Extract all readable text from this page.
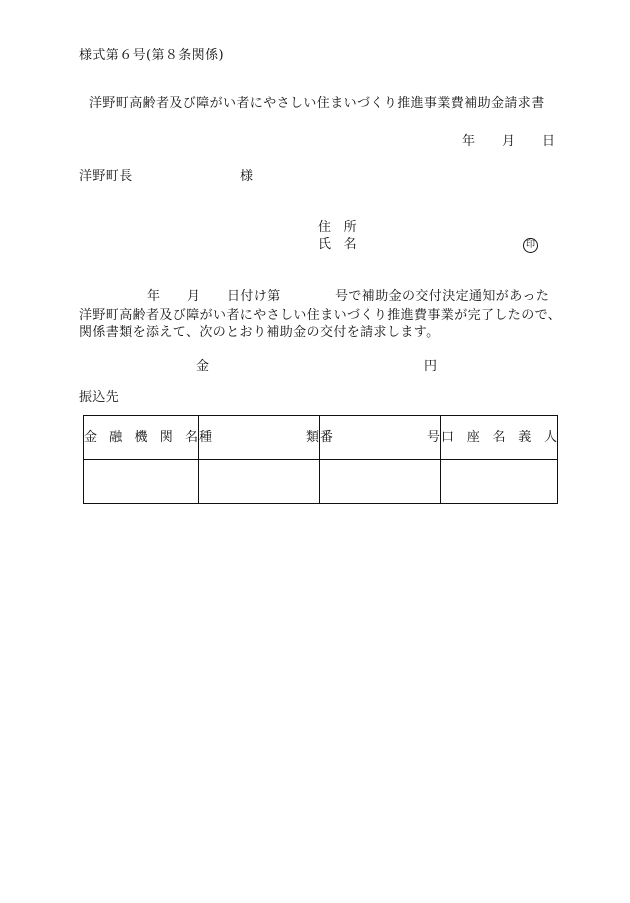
様式第６号(第８条関係)
洋野町高齢者及び障がい者にやさしい住まいづくり推進事業費補助金請求書
年 月 日
洋野町長	様
住 所
氏 名	印
年 月 日付け第	号で補助金の交付決定通知があった
洋野町高齢者及び障がい者にやさしい住まいづくり推進費事業が完了したので、
関係書類を添えて、次のとおり補助金の交付を請求します。
金	円
振込先
金 融 機 関 名	種 類	番 号	口 座 名 義 人
